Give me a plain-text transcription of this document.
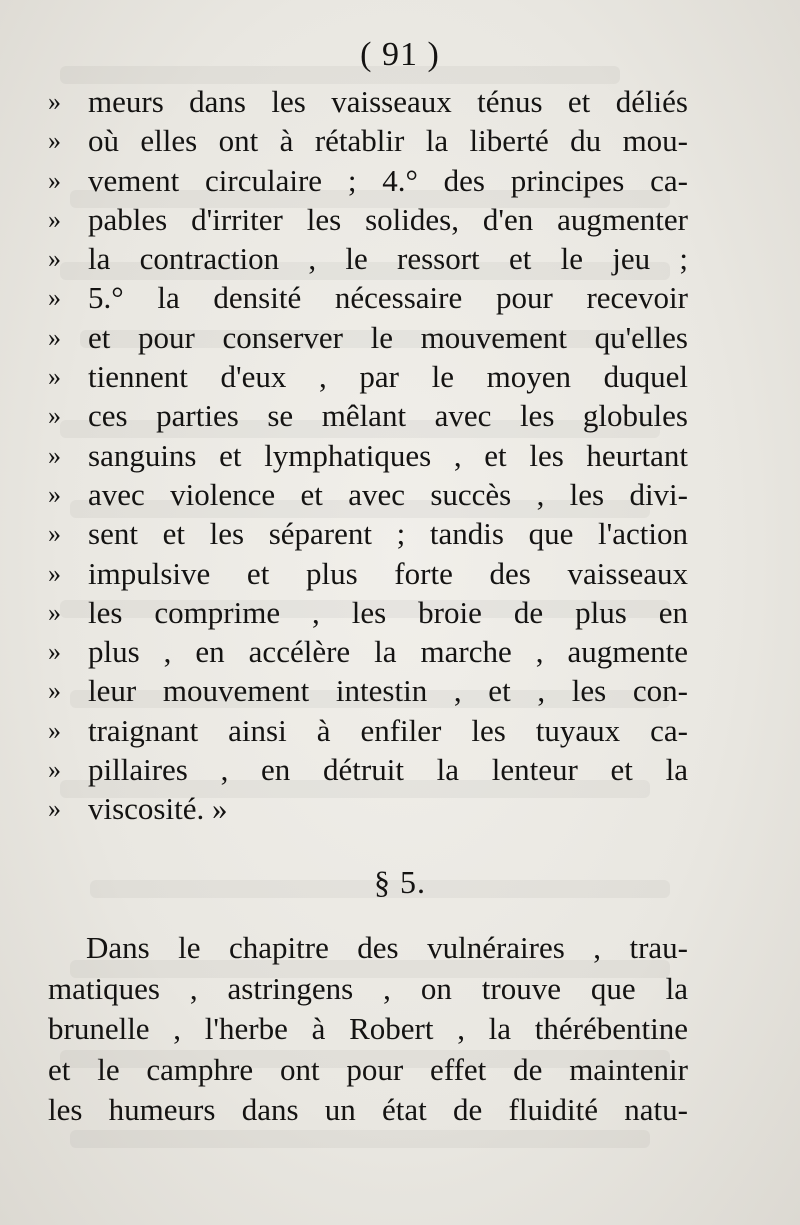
( 91 )
» meurs dans les vaisseaux ténus et déliés
» où elles ont à rétablir la liberté du mou-
» vement circulaire ; 4.° des principes ca-
» pables d'irriter les solides, d'en augmenter
» la contraction , le ressort et le jeu ;
» 5.° la densité nécessaire pour recevoir
» et pour conserver le mouvement qu'elles
» tiennent d'eux , par le moyen duquel
» ces parties se mêlant avec les globules
» sanguins et lymphatiques , et les heurtant
» avec violence et avec succès , les divi-
» sent et les séparent ; tandis que l'action
» impulsive et plus forte des vaisseaux
» les comprime , les broie de plus en
» plus , en accélère la marche , augmente
» leur mouvement intestin , et , les con-
» traignant ainsi à enfiler les tuyaux ca-
» pillaires , en détruit la lenteur et la
» viscosité. »
§ 5.
Dans le chapitre des vulnéraires , trau-
matiques , astringens , on trouve que la
brunelle , l'herbe à Robert , la thérébentine
et le camphre ont pour effet de maintenir
les humeurs dans un état de fluidité natu-
